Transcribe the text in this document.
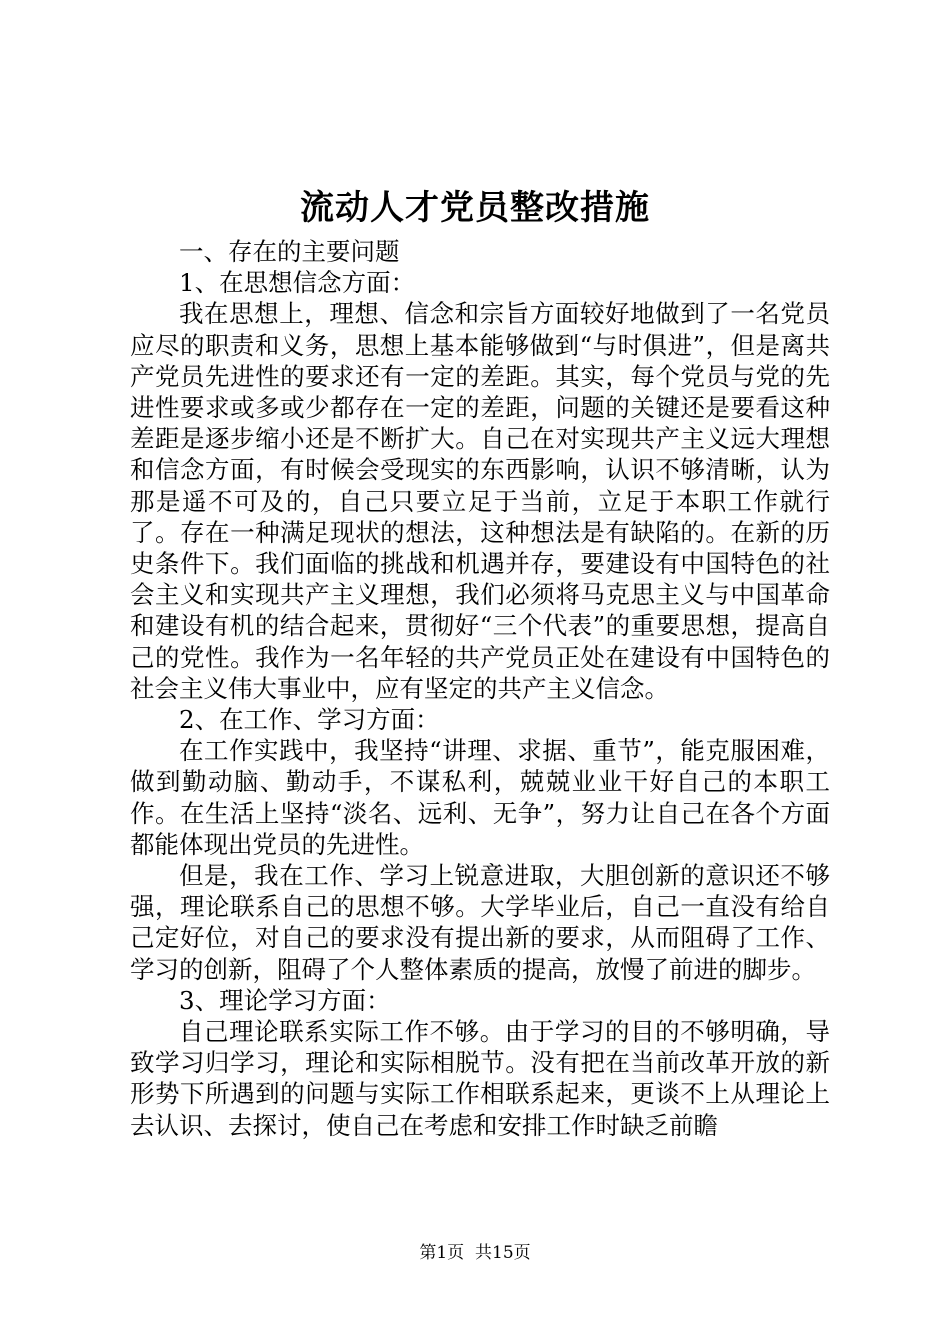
流动人才党员整改措施

一、存在的主要问题

1、在思想信念方面：

我在思想上，理想、信念和宗旨方面较好地做到了一名党员应尽的职责和义务，思想上基本能够做到“与时俱进”，但是离共产党员先进性的要求还有一定的差距。其实，每个党员与党的先进性要求或多或少都存在一定的差距，问题的关键还是要看这种差距是逐步缩小还是不断扩大。自己在对实现共产主义远大理想和信念方面，有时候会受现实的东西影响，认识不够清晰，认为那是遥不可及的，自己只要立足于当前，立足于本职工作就行了。存在一种满足现状的想法，这种想法是有缺陷的。在新的历史条件下。我们面临的挑战和机遇并存，要建设有中国特色的社会主义和实现共产主义理想，我们必须将马克思主义与中国革命和建设有机的结合起来，贯彻好“三个代表”的重要思想，提高自己的党性。我作为一名年轻的共产党员正处在建设有中国特色的社会主义伟大事业中，应有坚定的共产主义信念。

2、在工作、学习方面：

在工作实践中，我坚持“讲理、求据、重节”，能克服困难，做到勤动脑、勤动手，不谋私利，兢兢业业干好自己的本职工作。在生活上坚持“淡名、远利、无争”，努力让自己在各个方面都能体现出党员的先进性。

但是，我在工作、学习上锐意进取，大胆创新的意识还不够强，理论联系自己的思想不够。大学毕业后，自己一直没有给自己定好位，对自己的要求没有提出新的要求，从而阻碍了工作、学习的创新，阻碍了个人整体素质的提高，放慢了前进的脚步。

3、理论学习方面：

自己理论联系实际工作不够。由于学习的目的不够明确，导致学习归学习，理论和实际相脱节。没有把在当前改革开放的新形势下所遇到的问题与实际工作相联系起来，更谈不上从理论上去认识、去探讨，使自己在考虑和安排工作时缺乏前瞻

第1页 共15页
